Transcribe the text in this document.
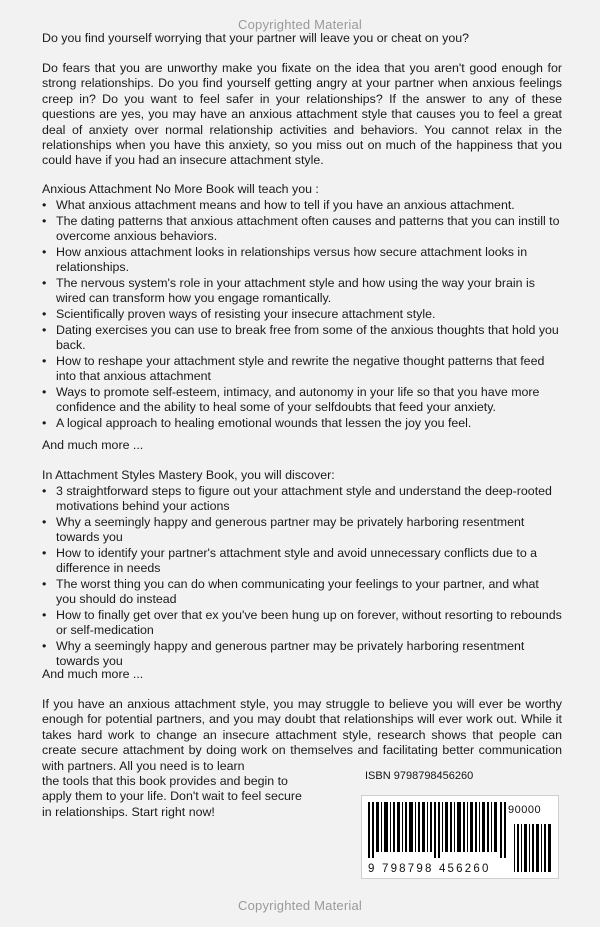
Copyrighted Material

Do you find yourself worrying that your partner will leave you or cheat on you?

Do fears that you are unworthy make you fixate on the idea that you aren't good enough for strong relationships. Do you find yourself getting angry at your partner when anxious feelings creep in? Do you want to feel safer in your relationships? If the answer to any of these questions are yes, you may have an anxious attachment style that causes you to feel a great deal of anxiety over normal relationship activities and behaviors. You cannot relax in the relationships when you have this anxiety, so you miss out on much of the happiness that you could have if you had an insecure attachment style.

Anxious Attachment No More Book will teach you :

• What anxious attachment means and how to tell if you have an anxious attachment.
• The dating patterns that anxious attachment often causes and patterns that you can instill to overcome anxious behaviors.
• How anxious attachment looks in relationships versus how secure attachment looks in relationships.
• The nervous system's role in your attachment style and how using the way your brain is wired can transform how you engage romantically.
• Scientifically proven ways of resisting your insecure attachment style.
• Dating exercises you can use to break free from some of the anxious thoughts that hold you back.
• How to reshape your attachment style and rewrite the negative thought patterns that feed into that anxious attachment
• Ways to promote self-esteem, intimacy, and autonomy in your life so that you have more confidence and the ability to heal some of your selfdoubts that feed your anxiety.
• A logical approach to healing emotional wounds that lessen the joy you feel.

And much more ...

In Attachment Styles Mastery Book, you will discover:

• 3 straightforward steps to figure out your attachment style and understand the deep-rooted motivations behind your actions
• Why a seemingly happy and generous partner may be privately harboring resentment towards you
• How to identify your partner's attachment style and avoid unnecessary conflicts due to a difference in needs
• The worst thing you can do when communicating your feelings to your partner, and what you should do instead
• How to finally get over that ex you've been hung up on forever, without resorting to rebounds or self-medication
• Why a seemingly happy and generous partner may be privately harboring resentment towards you

And much more ...

If you have an anxious attachment style, you may struggle to believe you will ever be worthy enough for potential partners, and you may doubt that relationships will ever work out. While it takes hard work to change an insecure attachment style, research shows that people can create secure attachment by doing work on themselves and facilitating better communication with partners. All you need is to learn

the tools that this book provides and begin to apply them to your life. Don't wait to feel secure in relationships. Start right now!

ISBN 9798798456260
90000
9 798798 456260
Copyrighted Material
